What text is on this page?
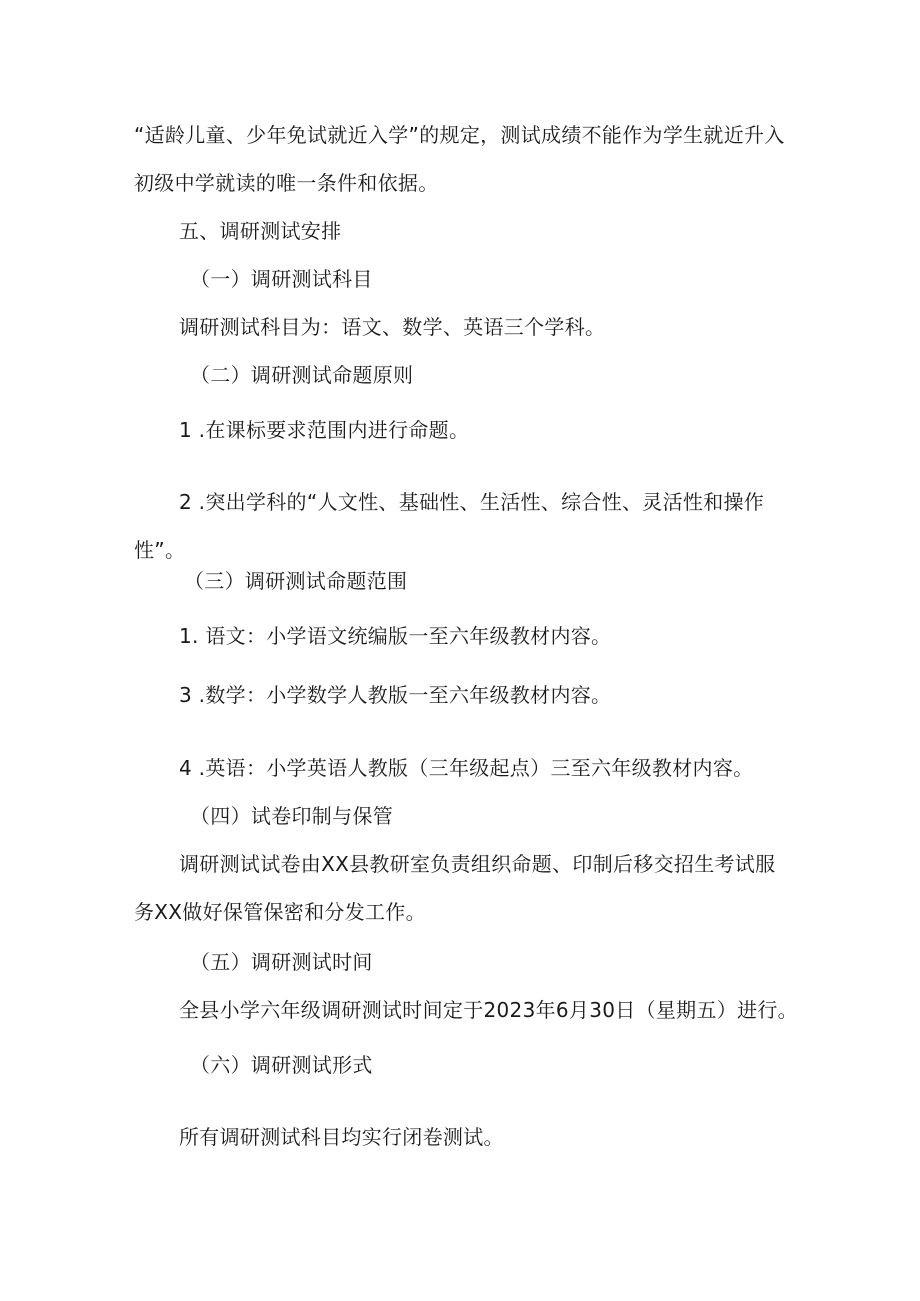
“适龄儿童、少年免试就近入学”的规定，测试成绩不能作为学生就近升入
初级中学就读的唯一条件和依据。
五、调研测试安排
（一）调研测试科目
调研测试科目为：语文、数学、英语三个学科。
（二）调研测试命题原则
1 .在课标要求范围内进行命题。
2 .突出学科的“人文性、基础性、生活性、综合性、灵活性和操作
性”。
（三）调研测试命题范围
1. 语文：小学语文统编版一至六年级教材内容。
3 .数学：小学数学人教版一至六年级教材内容。
4 .英语：小学英语人教版（三年级起点）三至六年级教材内容。
（四）试卷印制与保管
调研测试试卷由XX县教研室负责组织命题、印制后移交招生考试服
务XX做好保管保密和分发工作。
（五）调研测试时间
全县小学六年级调研测试时间定于2023年6月30日（星期五）进行。
（六）调研测试形式
所有调研测试科目均实行闭卷测试。
